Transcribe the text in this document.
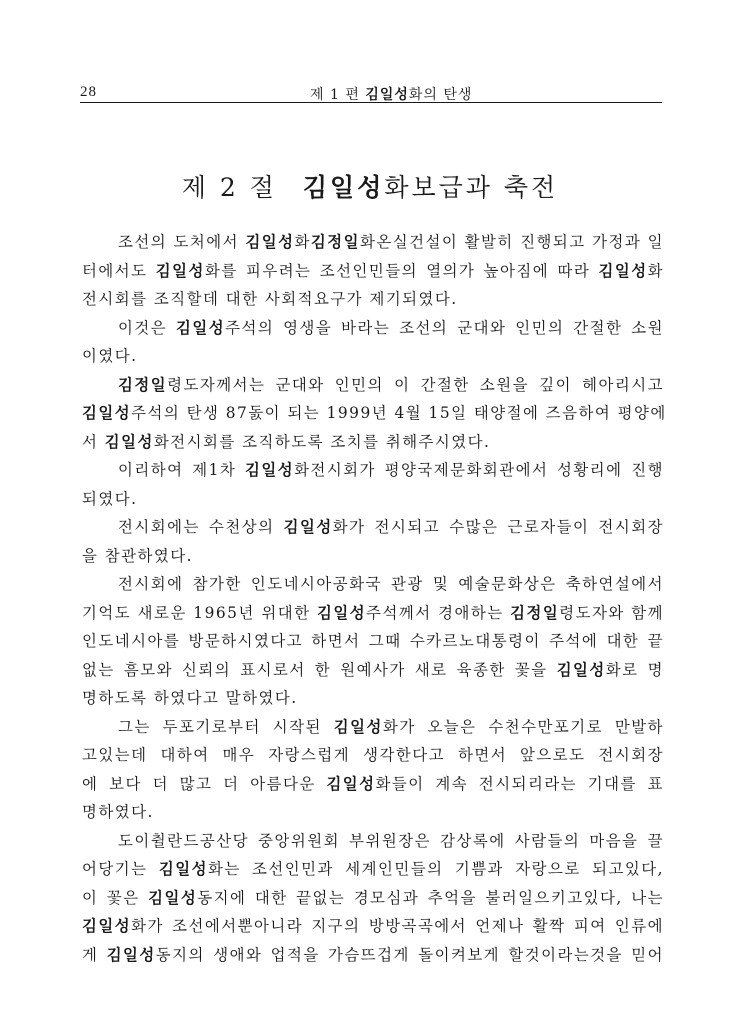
28	제 1 편 김일성화의 탄생
제 2 절 김일성화보급과 축전
조선의 도처에서 김일성화김정일화온실건설이 활발히 진행되고 가정과 일
터에서도 김일성화를 피우려는 조선인민들의 열의가 높아짐에 따라 김일성화
전시회를 조직할데 대한 사회적요구가 제기되였다.
이것은 김일성주석의 영생을 바라는 조선의 군대와 인민의 간절한 소원
이였다.
김정일령도자께서는 군대와 인민의 이 간절한 소원을 깊이 헤아리시고
김일성주석의 탄생 87돐이 되는 1999년 4월 15일 태양절에 즈음하여 평양에
서 김일성화전시회를 조직하도록 조치를 취해주시였다.
이리하여 제1차 김일성화전시회가 평양국제문화회관에서 성황리에 진행
되였다.
전시회에는 수천상의 김일성화가 전시되고 수많은 근로자들이 전시회장
을 참관하였다.
전시회에 참가한 인도네시아공화국 관광 및 예술문화상은 축하연설에서
기억도 새로운 1965년 위대한 김일성주석께서 경애하는 김정일령도자와 함께
인도네시아를 방문하시였다고 하면서 그때 수카르노대통령이 주석에 대한 끝
없는 흠모와 신뢰의 표시로서 한 원예사가 새로 육종한 꽃을 김일성화로 명
명하도록 하였다고 말하였다.
그는 두포기로부터 시작된 김일성화가 오늘은 수천수만포기로 만발하
고있는데 대하여 매우 자랑스럽게 생각한다고 하면서 앞으로도 전시회장
에 보다 더 많고 더 아름다운 김일성화들이 계속 전시되리라는 기대를 표
명하였다.
도이췰란드공산당 중앙위원회 부위원장은 감상록에 사람들의 마음을 끌
어당기는 김일성화는 조선인민과 세계인민들의 기쁨과 자랑으로 되고있다,
이 꽃은 김일성동지에 대한 끝없는 경모심과 추억을 불러일으키고있다, 나는
김일성화가 조선에서뿐아니라 지구의 방방곡곡에서 언제나 활짝 피여 인류에
게 김일성동지의 생애와 업적을 가슴뜨겁게 돌이켜보게 할것이라는것을 믿어
